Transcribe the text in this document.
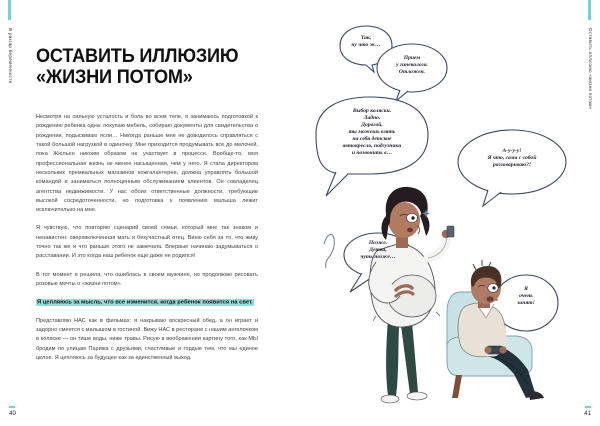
В разгар беременности ОСТАВИТЬ ИЛЛЮЗИЮ
«ЖИЗНИ ПОТОМ»

Несмотря на сильную усталость и боль во всем теле, я занимаюсь подготовкой к рождению ребенка одна: покупаю мебель, собираю документы для свидетельства о рождении, подыскиваю ясли… Никогда раньше мне не доводилось справляться с такой большой нагрузкой в одиночку. Мне приходится продумывать все до мелочей, пока Жюльен никоим образом не участвует в процессе. Вообще-то, моя профессиональная жизнь не менее насыщенная, чем у него. Я стала директором нескольких премиальных магазинов кожгалантереи, должна управлять большой командой и заниматься полноценным обслуживанием клиентов. Он совладелец агентства недвижимости. У нас обоих ответственные должности, требующие высокой сосредоточенности, но подготовка к появлению малыша лежит исключительно на мне.

Я чувствую, что повторяю сценарий своей семьи, который мне так знаком и ненавистен: сверхвключенная мать и безучастный отец. Виню себя за то, что живу точно так же и что раньше этого не замечала. Впервые начинаю задумываться о расставании. И это когда наш ребенок еще даже не родился!

В тот момент я решила, что ошиблась в своем мужчине, но продолжаю рисовать розовые мечты о «жизни потом».

Я цепляюсь за мысль, что все изменится, когда ребенок появится на свет.

Представляю НАС как в фильмах: я накрываю воскресный обед, а он играет и задорно смеется с малышом в гостиной. Вижу НАС в ресторане с нашим ангелочком в коляске — он тише воды, ниже травы. Рисую в воображении картину того, как МЫ бродим по улицам Парижа с друзьями, счастливые и гордые тем, что мы единое целое. Я цепляюсь за будущее как за единственный выход.

40
Оставить иллюзию «жизни потом»
Так,
ну что ж…
Прием
у гинеколога.
Отложен.
Выбор коляски.
Ладно.
Дорогой,
ты можешь взять
на себя детское
автокресло, подгузники
и позвонить в…	А-у-у-у!
Я что, сама с собой
разговариваю?!
Позже.
Детка,
чуть позже…
Я
очень
занят!
41
